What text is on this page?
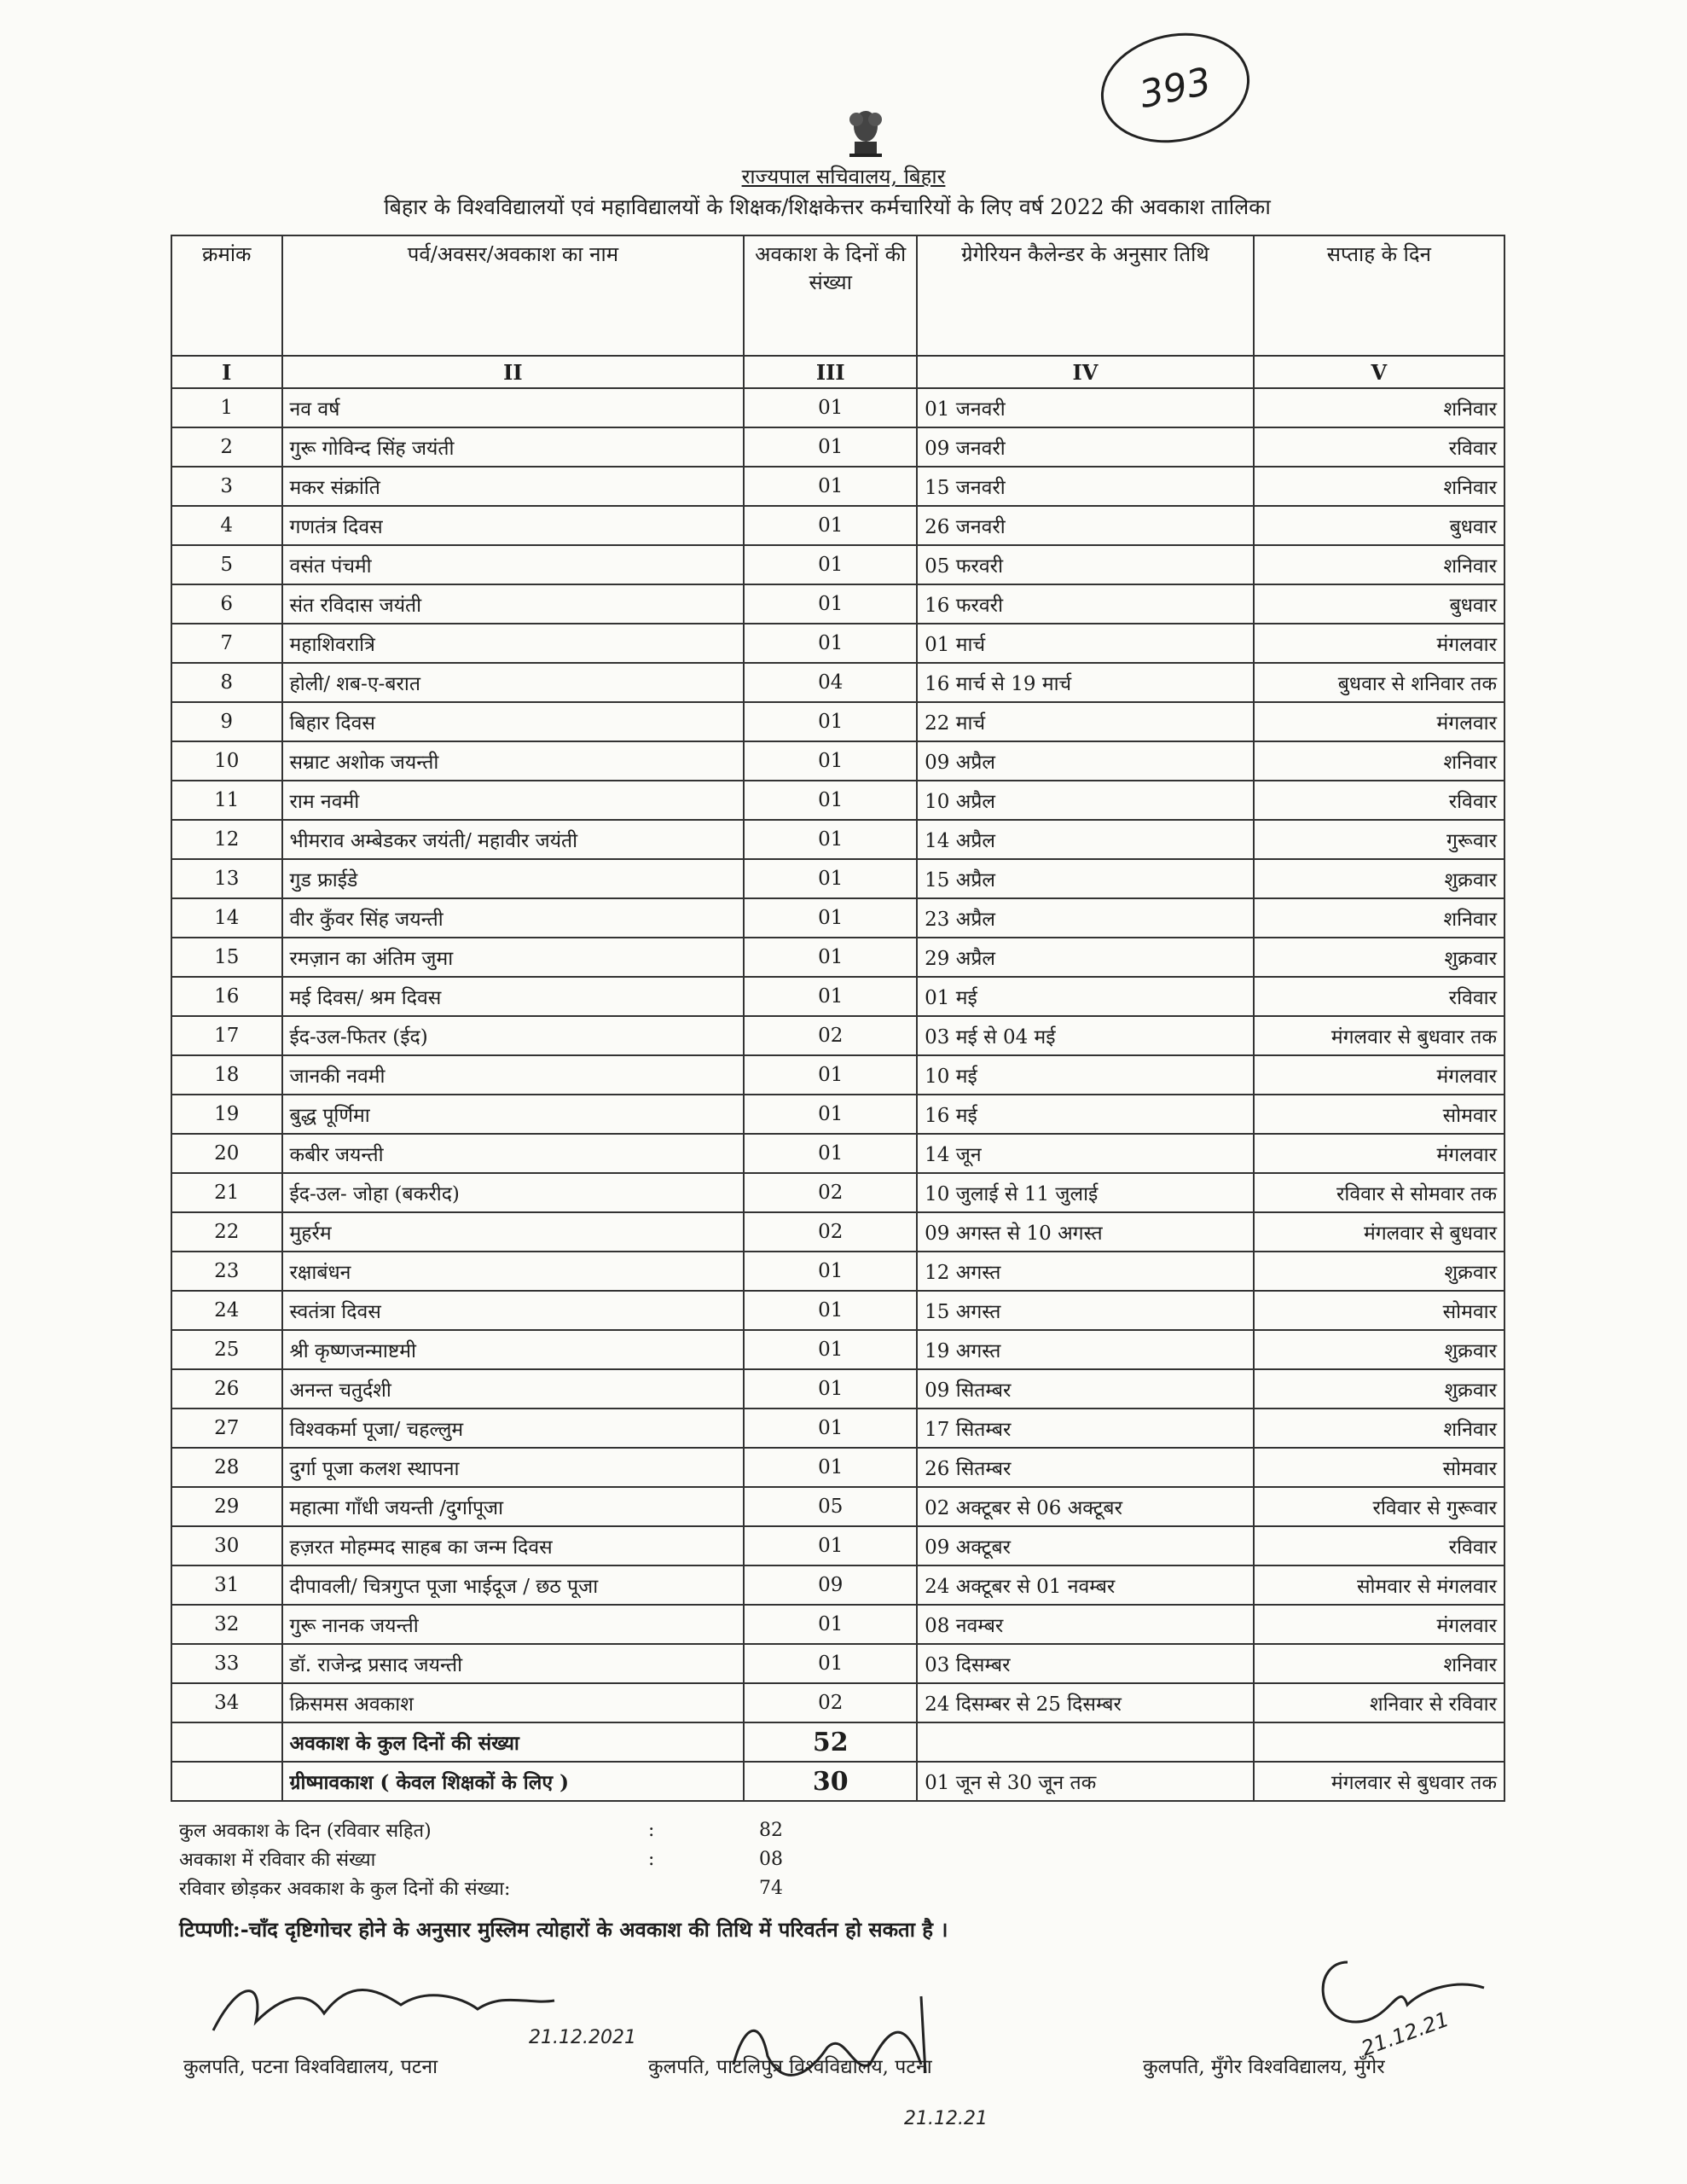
393
राज्यपाल सचिवालय, बिहार
बिहार के विश्वविद्यालयों एवं महाविद्यालयों के शिक्षक/शिक्षकेत्तर कर्मचारियों के लिए वर्ष 2022 की अवकाश तालिका
क्रमांक	पर्व/अवसर/अवकाश का नाम	अवकाश के दिनों की संख्या	ग्रेगेरियन कैलेन्डर के अनुसार तिथि	सप्ताह के दिन
I	II	III	IV	V
1	नव वर्ष	01	01 जनवरी	शनिवार
2	गुरू गोविन्द सिंह जयंती	01	09 जनवरी	रविवार
3	मकर संक्रांति	01	15 जनवरी	शनिवार
4	गणतंत्र दिवस	01	26 जनवरी	बुधवार
5	वसंत पंचमी	01	05 फरवरी	शनिवार
6	संत रविदास जयंती	01	16 फरवरी	बुधवार
7	महाशिवरात्रि	01	01 मार्च	मंगलवार
8	होली/ शब-ए-बरात	04	16 मार्च से 19 मार्च	बुधवार से शनिवार तक
9	बिहार दिवस	01	22 मार्च	मंगलवार
10	सम्राट अशोक जयन्ती	01	09 अप्रैल	शनिवार
11	राम नवमी	01	10 अप्रैल	रविवार
12	भीमराव अम्बेडकर जयंती/ महावीर जयंती	01	14 अप्रैल	गुरूवार
13	गुड फ्राईडे	01	15 अप्रैल	शुक्रवार
14	वीर कुँवर सिंह जयन्ती	01	23 अप्रैल	शनिवार
15	रमज़ान का अंतिम जुमा	01	29 अप्रैल	शुक्रवार
16	मई दिवस/ श्रम दिवस	01	01 मई	रविवार
17	ईद-उल-फितर (ईद)	02	03 मई से 04 मई	मंगलवार से बुधवार तक
18	जानकी नवमी	01	10 मई	मंगलवार
19	बुद्ध पूर्णिमा	01	16 मई	सोमवार
20	कबीर जयन्ती	01	14 जून	मंगलवार
21	ईद-उल- जोहा (बकरीद)	02	10 जुलाई से 11 जुलाई	रविवार से सोमवार तक
22	मुहर्रम	02	09 अगस्त से 10 अगस्त	मंगलवार से बुधवार
23	रक्षाबंधन	01	12 अगस्त	शुक्रवार
24	स्वतंत्रा दिवस	01	15 अगस्त	सोमवार
25	श्री कृष्णजन्माष्टमी	01	19 अगस्त	शुक्रवार
26	अनन्त चतुर्दशी	01	09 सितम्बर	शुक्रवार
27	विश्वकर्मा पूजा/ चहल्लुम	01	17 सितम्बर	शनिवार
28	दुर्गा पूजा कलश स्थापना	01	26 सितम्बर	सोमवार
29	महात्मा गाँधी जयन्ती /दुर्गापूजा	05	02 अक्टूबर से 06 अक्टूबर	रविवार से गुरूवार
30	हज़रत मोहम्मद साहब का जन्म दिवस	01	09 अक्टूबर	रविवार
31	दीपावली/ चित्रगुप्त पूजा भाईदूज / छठ पूजा	09	24 अक्टूबर से 01 नवम्बर	सोमवार से मंगलवार
32	गुरू नानक जयन्ती	01	08 नवम्बर	मंगलवार
33	डॉ. राजेन्द्र प्रसाद जयन्ती	01	03 दिसम्बर	शनिवार
34	क्रिसमस अवकाश	02	24 दिसम्बर से 25 दिसम्बर	शनिवार से रविवार
	अवकाश के कुल दिनों की संख्या	52		
	ग्रीष्मावकाश ( केवल शिक्षकों के लिए )	30	01 जून से 30 जून तक	मंगलवार से बुधवार तक
कुल अवकाश के दिन (रविवार सहित)	:	82
अवकाश में रविवार की संख्या	:	08
रविवार छोड़कर अवकाश के कुल दिनों की संख्या:	74
टिप्पणी:-चाँद दृष्टिगोचर होने के अनुसार मुस्लिम त्योहारों के अवकाश की तिथि में परिवर्तन हो सकता है ।
21.12.2021
21.12.21
21.12.21
कुलपति, पटना विश्वविद्यालय, पटना	कुलपति, पाटलिपुत्र विश्वविद्यालय, पटना	कुलपति, मुँगेर विश्वविद्यालय, मुँगेर
